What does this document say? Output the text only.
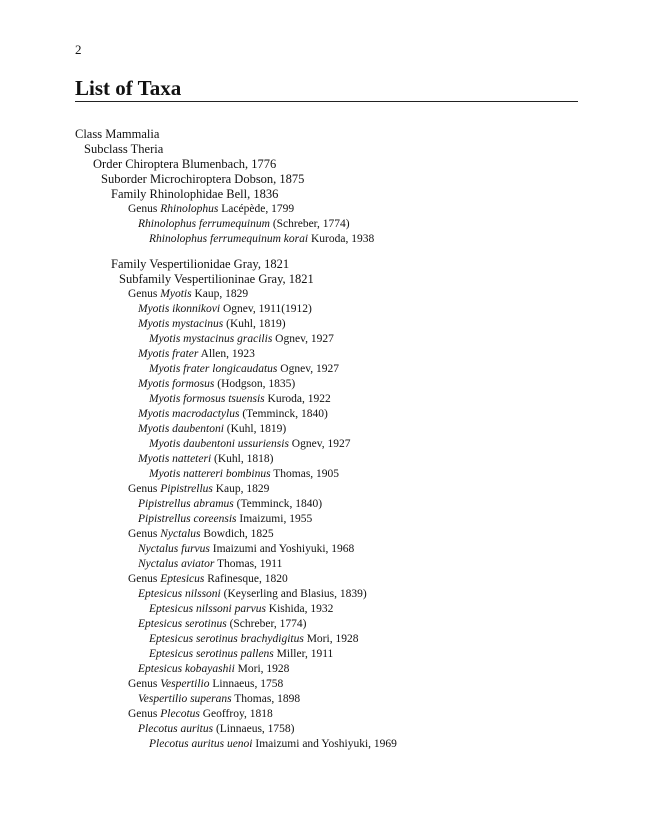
2
List of Taxa
Class Mammalia
Subclass Theria
Order Chiroptera Blumenbach, 1776
Suborder Microchiroptera Dobson, 1875
Family Rhinolophidae Bell, 1836
Genus Rhinolophus Lacépède, 1799
Rhinolophus ferrumequinum (Schreber, 1774)
Rhinolophus ferrumequinum korai Kuroda, 1938
Family Vespertilionidae Gray, 1821
Subfamily Vespertilioninae Gray, 1821
Genus Myotis Kaup, 1829
Myotis ikonnikovi Ognev, 1911(1912)
Myotis mystacinus (Kuhl, 1819)
Myotis mystacinus gracilis Ognev, 1927
Myotis frater Allen, 1923
Myotis frater longicaudatus Ognev, 1927
Myotis formosus (Hodgson, 1835)
Myotis formosus tsuensis Kuroda, 1922
Myotis macrodactylus (Temminck, 1840)
Myotis daubentoni (Kuhl, 1819)
Myotis daubentoni ussuriensis Ognev, 1927
Myotis natteteri (Kuhl, 1818)
Myotis nattereri bombinus Thomas, 1905
Genus Pipistrellus Kaup, 1829
Pipistrellus abramus (Temminck, 1840)
Pipistrellus coreensis Imaizumi, 1955
Genus Nyctalus Bowdich, 1825
Nyctalus furvus Imaizumi and Yoshiyuki, 1968
Nyctalus aviator Thomas, 1911
Genus Eptesicus Rafinesque, 1820
Eptesicus nilssoni (Keyserling and Blasius, 1839)
Eptesicus nilssoni parvus Kishida, 1932
Eptesicus serotinus (Schreber, 1774)
Eptesicus serotinus brachydigitus Mori, 1928
Eptesicus serotinus pallens Miller, 1911
Eptesicus kobayashii Mori, 1928
Genus Vespertilio Linnaeus, 1758
Vespertilio superans Thomas, 1898
Genus Plecotus Geoffroy, 1818
Plecotus auritus (Linnaeus, 1758)
Plecotus auritus uenoi Imaizumi and Yoshiyuki, 1969
